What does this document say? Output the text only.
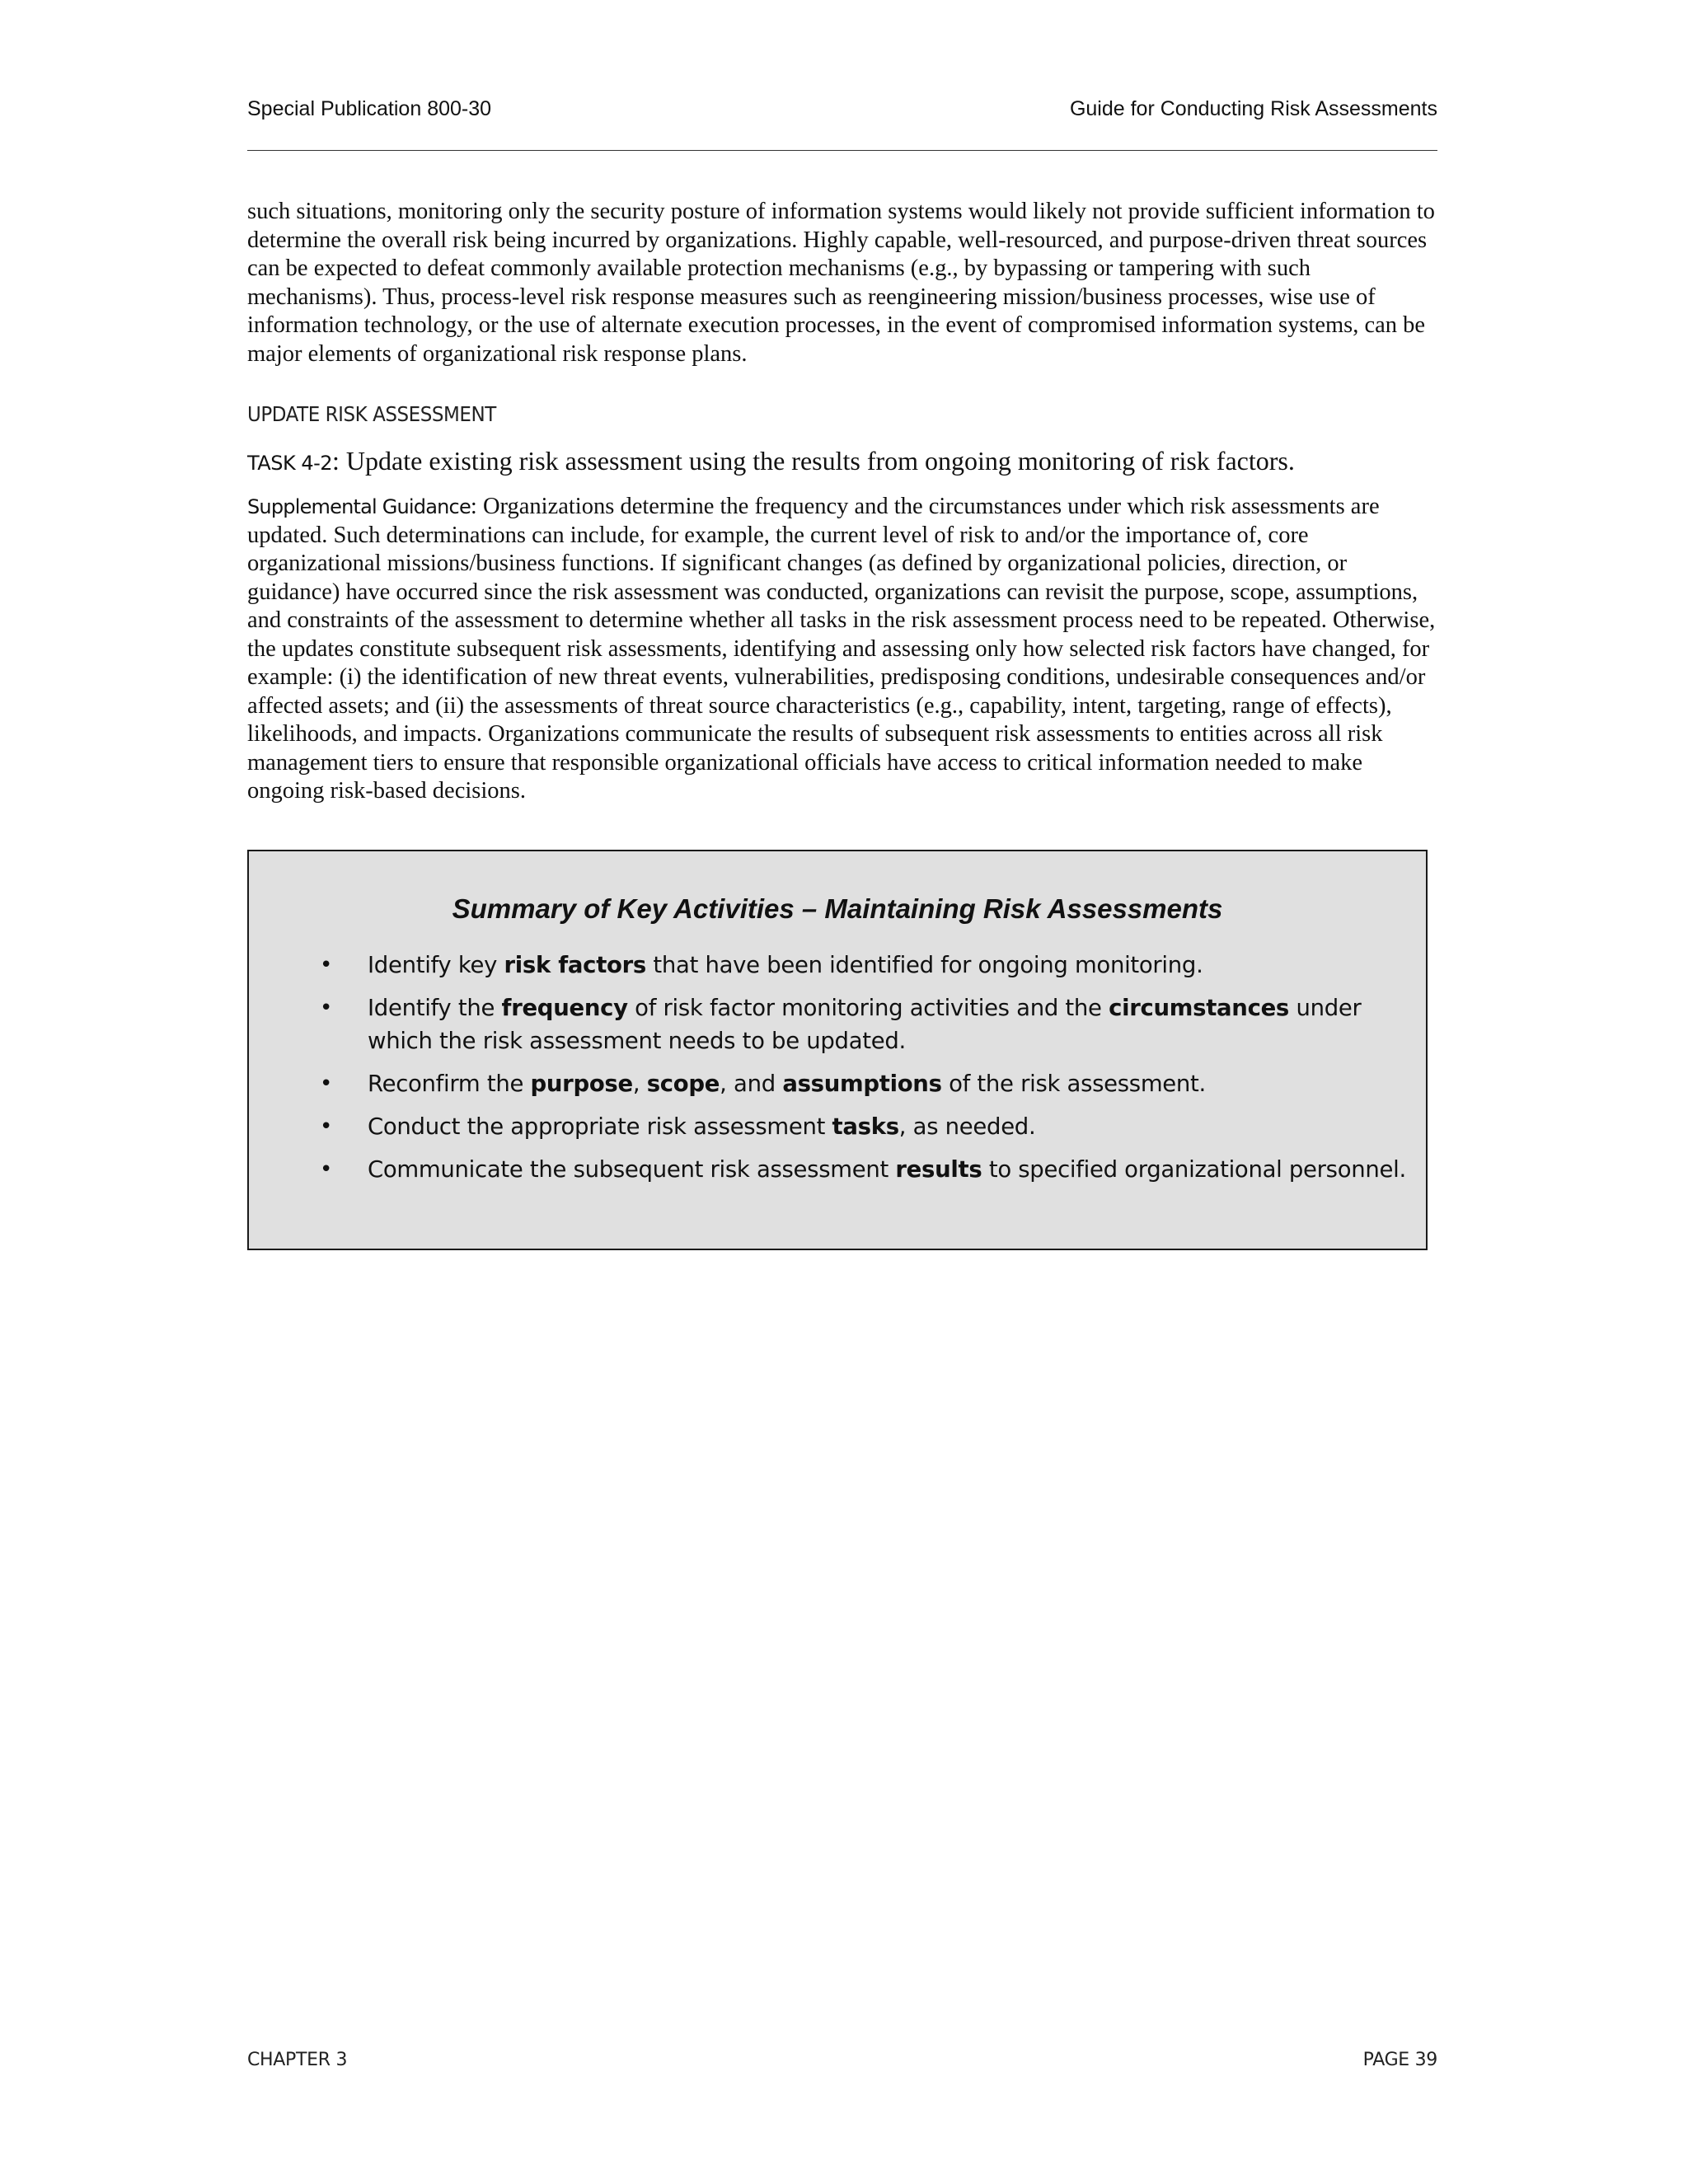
Special Publication 800-30	Guide for Conducting Risk Assessments

such situations, monitoring only the security posture of information systems would likely not provide sufficient information to determine the overall risk being incurred by organizations. Highly capable, well-resourced, and purpose-driven threat sources can be expected to defeat commonly available protection mechanisms (e.g., by bypassing or tampering with such mechanisms). Thus, process-level risk response measures such as reengineering mission/business processes, wise use of information technology, or the use of alternate execution processes, in the event of compromised information systems, can be major elements of organizational risk response plans.

UPDATE RISK ASSESSMENT

TASK 4-2: Update existing risk assessment using the results from ongoing monitoring of risk factors.

Supplemental Guidance: Organizations determine the frequency and the circumstances under which risk assessments are updated. Such determinations can include, for example, the current level of risk to and/or the importance of, core organizational missions/business functions. If significant changes (as defined by organizational policies, direction, or guidance) have occurred since the risk assessment was conducted, organizations can revisit the purpose, scope, assumptions, and constraints of the assessment to determine whether all tasks in the risk assessment process need to be repeated. Otherwise, the updates constitute subsequent risk assessments, identifying and assessing only how selected risk factors have changed, for example: (i) the identification of new threat events, vulnerabilities, predisposing conditions, undesirable consequences and/or affected assets; and (ii) the assessments of threat source characteristics (e.g., capability, intent, targeting, range of effects), likelihoods, and impacts. Organizations communicate the results of subsequent risk assessments to entities across all risk management tiers to ensure that responsible organizational officials have access to critical information needed to make ongoing risk-based decisions.

Summary of Key Activities – Maintaining Risk Assessments
• Identify key risk factors that have been identified for ongoing monitoring.
• Identify the frequency of risk factor monitoring activities and the circumstances under which the risk assessment needs to be updated.
• Reconfirm the purpose, scope, and assumptions of the risk assessment.
• Conduct the appropriate risk assessment tasks, as needed.
• Communicate the subsequent risk assessment results to specified organizational personnel.
CHAPTER 3	PAGE 39
